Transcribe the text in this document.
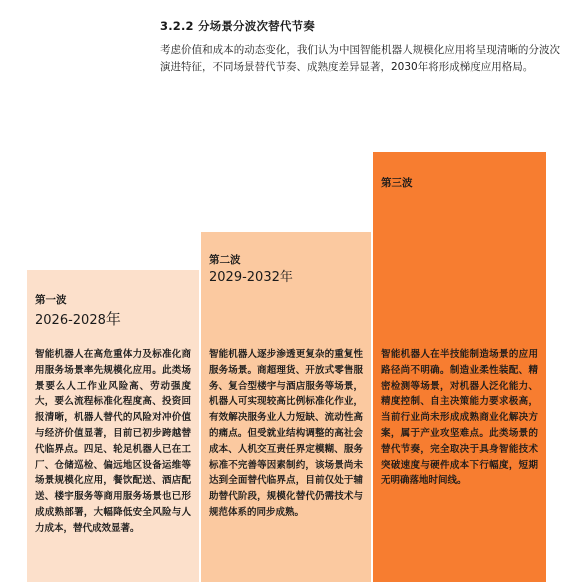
3.2.2 分场景分波次替代节奏
考虑价值和成本的动态变化，我们认为中国智能机器人规模化应用将呈现清晰的分波次演进特征，不同场景替代节奏、成熟度差异显著，2030年将形成梯度应用格局。
第一波
2026-2028年
智能机器人在高危重体力及标准化商用服务场景率先规模化应用。此类场景要么人工作业风险高、劳动强度大，要么流程标准化程度高、投资回报清晰，机器人替代的风险对冲价值与经济价值显著，目前已初步跨越替代临界点。四足、轮足机器人已在工厂、仓储巡检、偏远地区设备运维等场景规模化应用，餐饮配送、酒店配送、楼宇服务等商用服务场景也已形成成熟部署，大幅降低安全风险与人力成本，替代成效显著。
第二波
2029-2032年
智能机器人逐步渗透更复杂的重复性服务场景。商超理货、开放式零售服务、复合型楼宇与酒店服务等场景，机器人可实现较高比例标准化作业，有效解决服务业人力短缺、流动性高的痛点。但受就业结构调整的高社会成本、人机交互责任界定模糊、服务标准不完善等因素制约，该场景尚未达到全面替代临界点，目前仅处于辅助替代阶段，规模化替代仍需技术与规范体系的同步成熟。
第三波
智能机器人在半技能制造场景的应用路径尚不明确。制造业柔性装配、精密检测等场景，对机器人泛化能力、精度控制、自主决策能力要求极高，当前行业尚未形成成熟商业化解决方案，属于产业攻坚难点。此类场景的替代节奏，完全取决于具身智能技术突破速度与硬件成本下行幅度，短期无明确落地时间线。
